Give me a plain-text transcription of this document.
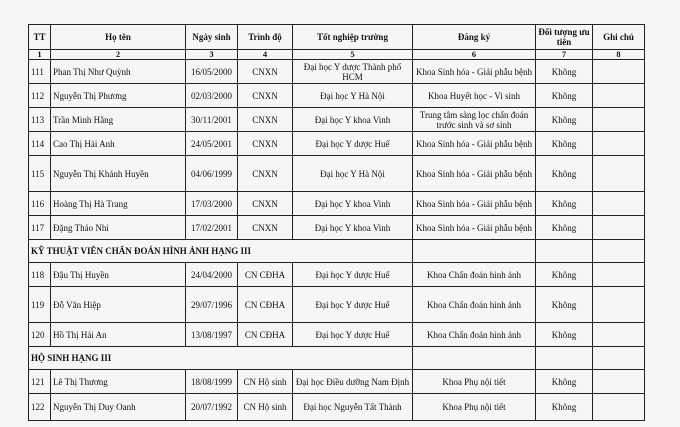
TT	Họ tên	Ngày sinh	Trình độ	Tốt nghiệp trường	Đăng ký	Đối tượng ưu tiên	Ghi chú
1	2	3	4	5	6	7	8
111	Phan Thị Như Quỳnh	16/05/2000	CNXN	Đại học Y dược Thành phố HCM	Khoa Sinh hóa - Giải phẫu bệnh	Không	
112	Nguyễn Thị Phương	02/03/2000	CNXN	Đại học Y Hà Nội	Khoa Huyết học - Vi sinh	Không	
113	Trần Minh Hằng	30/11/2001	CNXN	Đại học Y khoa Vinh	Trung tâm sàng lọc chẩn đoán trước sinh và sơ sinh	Không	
114	Cao Thị Hải Anh	24/05/2001	CNXN	Đại học Y dược Huế	Khoa Sinh hóa - Giải phẫu bệnh	Không	
115	Nguyễn Thị Khánh Huyền	04/06/1999	CNXN	Đại học Y Hà Nội	Khoa Sinh hóa - Giải phẫu bệnh	Không	
116	Hoàng Thị Hà Trang	17/03/2000	CNXN	Đại học Y khoa Vinh	Khoa Sinh hóa - Giải phẫu bệnh	Không	
117	Đặng Thảo Nhi	17/02/2001	CNXN	Đại học Y khoa Vinh	Khoa Sinh hóa - Giải phẫu bệnh	Không	
KỸ THUẬT VIÊN CHẨN ĐOÁN HÌNH ẢNH HẠNG III							
118	Đậu Thị Huyền	24/04/2000	CN CĐHA	Đại học Y dược Huế	Khoa Chẩn đoán hình ảnh	Không	
119	Đỗ Văn Hiệp	29/07/1996	CN CĐHA	Đại học Y dược Huế	Khoa Chẩn đoán hình ảnh	Không	
120	Hồ Thị Hải An	13/08/1997	CN CĐHA	Đại học Y dược Huế	Khoa Chẩn đoán hình ảnh	Không	
HỘ SINH HẠNG III							
121	Lê Thị Thương	18/08/1999	CN Hộ sinh	Đại học Điều dưỡng Nam Định	Khoa Phụ nội tiết	Không	
122	Nguyễn Thị Duy Oanh	20/07/1992	CN Hộ sinh	Đại học Nguyễn Tất Thành	Khoa Phụ nội tiết	Không	
